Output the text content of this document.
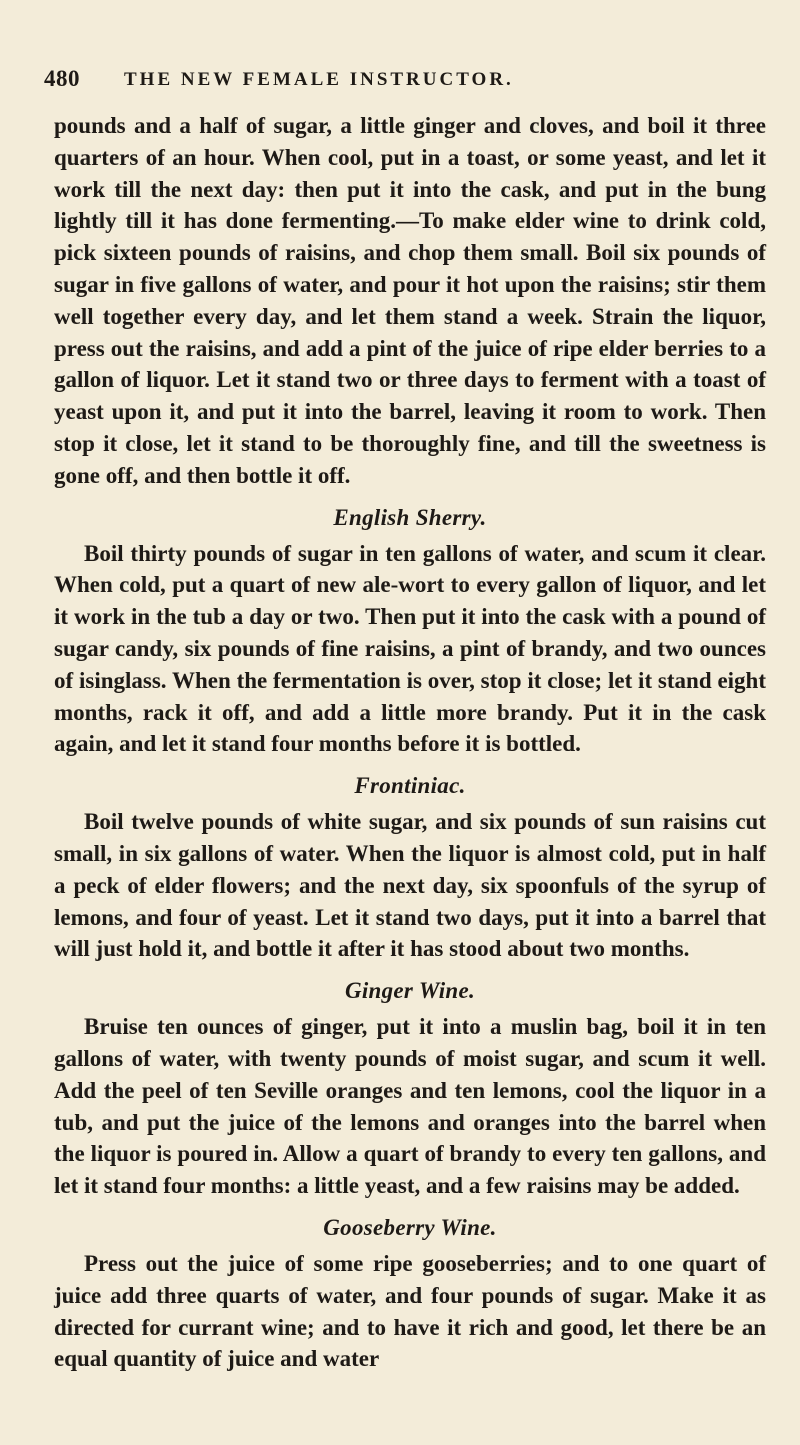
480 THE NEW FEMALE INSTRUCTOR.

pounds and a half of sugar, a little ginger and cloves, and boil it three quarters of an hour. When cool, put in a toast, or some yeast, and let it work till the next day: then put it into the cask, and put in the bung lightly till it has done fermenting.—To make elder wine to drink cold, pick sixteen pounds of raisins, and chop them small. Boil six pounds of sugar in five gallons of water, and pour it hot upon the raisins; stir them well together every day, and let them stand a week. Strain the liquor, press out the raisins, and add a pint of the juice of ripe elder berries to a gallon of liquor. Let it stand two or three days to ferment with a toast of yeast upon it, and put it into the barrel, leaving it room to work. Then stop it close, let it stand to be thoroughly fine, and till the sweetness is gone off, and then bottle it off.

English Sherry.

Boil thirty pounds of sugar in ten gallons of water, and scum it clear. When cold, put a quart of new ale-wort to every gallon of liquor, and let it work in the tub a day or two. Then put it into the cask with a pound of sugar candy, six pounds of fine raisins, a pint of brandy, and two ounces of isinglass. When the fermentation is over, stop it close; let it stand eight months, rack it off, and add a little more brandy. Put it in the cask again, and let it stand four months before it is bottled.

Frontiniac.

Boil twelve pounds of white sugar, and six pounds of sun raisins cut small, in six gallons of water. When the liquor is almost cold, put in half a peck of elder flowers; and the next day, six spoonfuls of the syrup of lemons, and four of yeast. Let it stand two days, put it into a barrel that will just hold it, and bottle it after it has stood about two months.

Ginger Wine.

Bruise ten ounces of ginger, put it into a muslin bag, boil it in ten gallons of water, with twenty pounds of moist sugar, and scum it well. Add the peel of ten Seville oranges and ten lemons, cool the liquor in a tub, and put the juice of the lemons and oranges into the barrel when the liquor is poured in. Allow a quart of brandy to every ten gallons, and let it stand four months: a little yeast, and a few raisins may be added.

Gooseberry Wine.

Press out the juice of some ripe gooseberries; and to one quart of juice add three quarts of water, and four pounds of sugar. Make it as directed for currant wine; and to have it rich and good, let there be an equal quantity of juice and water
